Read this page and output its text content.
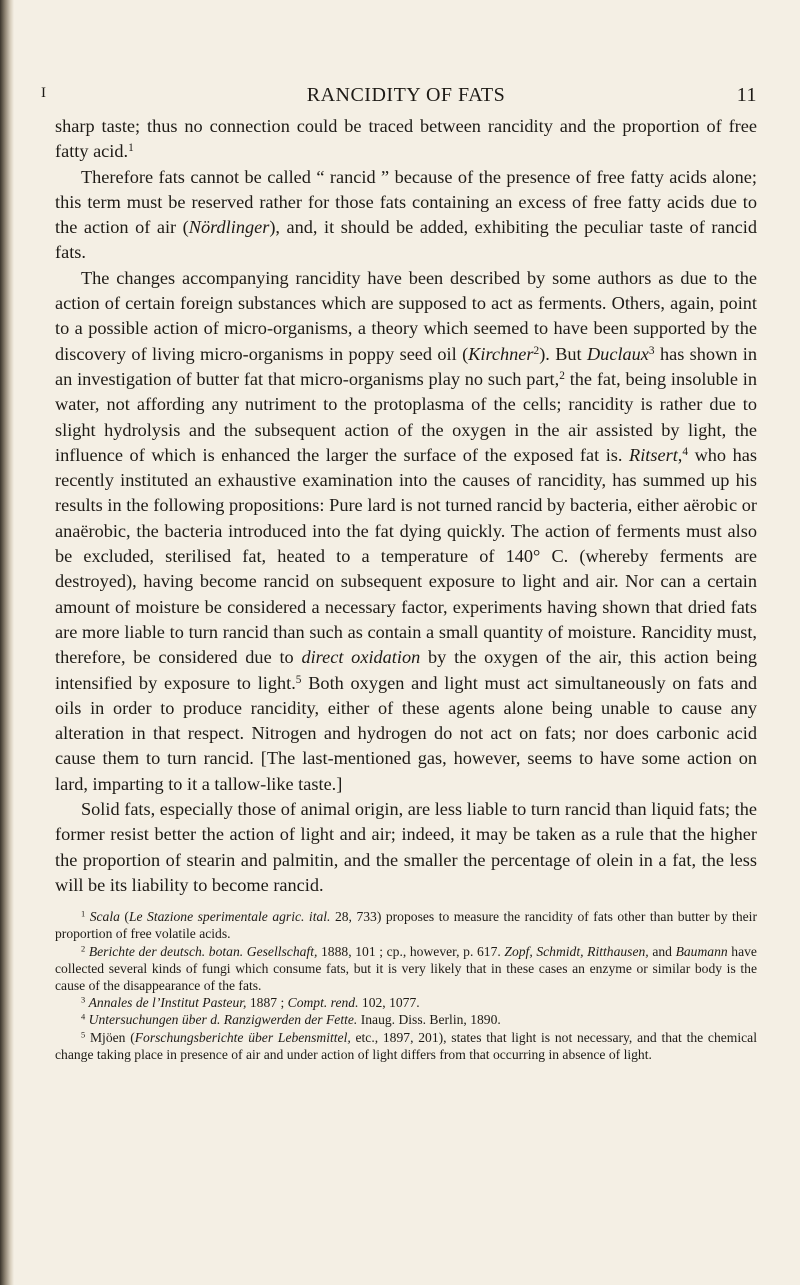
I	RANCIDITY OF FATS	11

sharp taste; thus no connection could be traced between rancidity and the proportion of free fatty acid.$^1$

Therefore fats cannot be called “ rancid ” because of the presence of free fatty acids alone; this term must be reserved rather for those fats containing an excess of free fatty acids due to the action of air (Nördlinger), and, it should be added, exhibiting the peculiar taste of rancid fats.

The changes accompanying rancidity have been described by some authors as due to the action of certain foreign substances which are supposed to act as ferments. Others, again, point to a possible action of micro-organisms, a theory which seemed to have been supported by the discovery of living micro-organisms in poppy seed oil (Kirchner$^2$). But Duclaux$^3$ has shown in an investigation of butter fat that micro-organisms play no such part,$^2$ the fat, being insoluble in water, not affording any nutriment to the protoplasma of the cells; rancidity is rather due to slight hydrolysis and the subsequent action of the oxygen in the air assisted by light, the influence of which is enhanced the larger the surface of the exposed fat is. Ritsert,$^4$ who has recently instituted an exhaustive examination into the causes of rancidity, has summed up his results in the following propositions: Pure lard is not turned rancid by bacteria, either aërobic or anaërobic, the bacteria introduced into the fat dying quickly. The action of ferments must also be excluded, sterilised fat, heated to a temperature of 140° C. (whereby ferments are destroyed), having become rancid on subsequent exposure to light and air. Nor can a certain amount of moisture be considered a necessary factor, experiments having shown that dried fats are more liable to turn rancid than such as contain a small quantity of moisture. Rancidity must, therefore, be considered due to direct oxidation by the oxygen of the air, this action being intensified by exposure to light.$^5$ Both oxygen and light must act simultaneously on fats and oils in order to produce rancidity, either of these agents alone being unable to cause any alteration in that respect. Nitrogen and hydrogen do not act on fats; nor does carbonic acid cause them to turn rancid. [The last-mentioned gas, however, seems to have some action on lard, imparting to it a tallow-like taste.]

Solid fats, especially those of animal origin, are less liable to turn rancid than liquid fats; the former resist better the action of light and air; indeed, it may be taken as a rule that the higher the proportion of stearin and palmitin, and the smaller the percentage of olein in a fat, the less will be its liability to become rancid.

$^1$ Scala (Le Stazione sperimentale agric. ital. 28, 733) proposes to measure the rancidity of fats other than butter by their proportion of free volatile acids.

$^2$ Berichte der deutsch. botan. Gesellschaft, 1888, 101 ; cp., however, p. 617. Zopf, Schmidt, Ritthausen, and Baumann have collected several kinds of fungi which consume fats, but it is very likely that in these cases an enzyme or similar body is the cause of the disappearance of the fats.

$^3$ Annales de l’Institut Pasteur, 1887 ; Compt. rend. 102, 1077.

$^4$ Untersuchungen über d. Ranzigwerden der Fette. Inaug. Diss. Berlin, 1890.

$^5$ Mjöen (Forschungsberichte über Lebensmittel, etc., 1897, 201), states that light is not necessary, and that the chemical change taking place in presence of air and under action of light differs from that occurring in absence of light.
